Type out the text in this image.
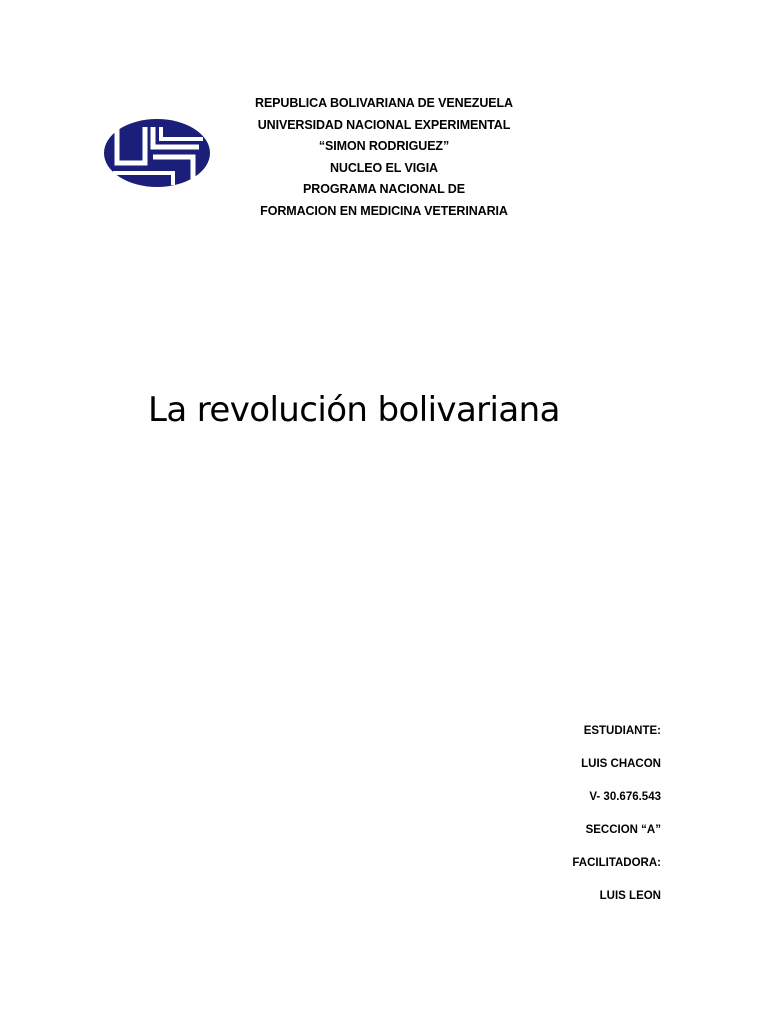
REPUBLICA BOLIVARIANA DE VENEZUELA
UNIVERSIDAD NACIONAL EXPERIMENTAL
“SIMON RODRIGUEZ”
NUCLEO EL VIGIA
PROGRAMA NACIONAL DE
FORMACION EN MEDICINA VETERINARIA
La revolución bolivariana
ESTUDIANTE:
LUIS CHACON
V- 30.676.543
SECCION “A”
FACILITADORA:
LUIS LEON
